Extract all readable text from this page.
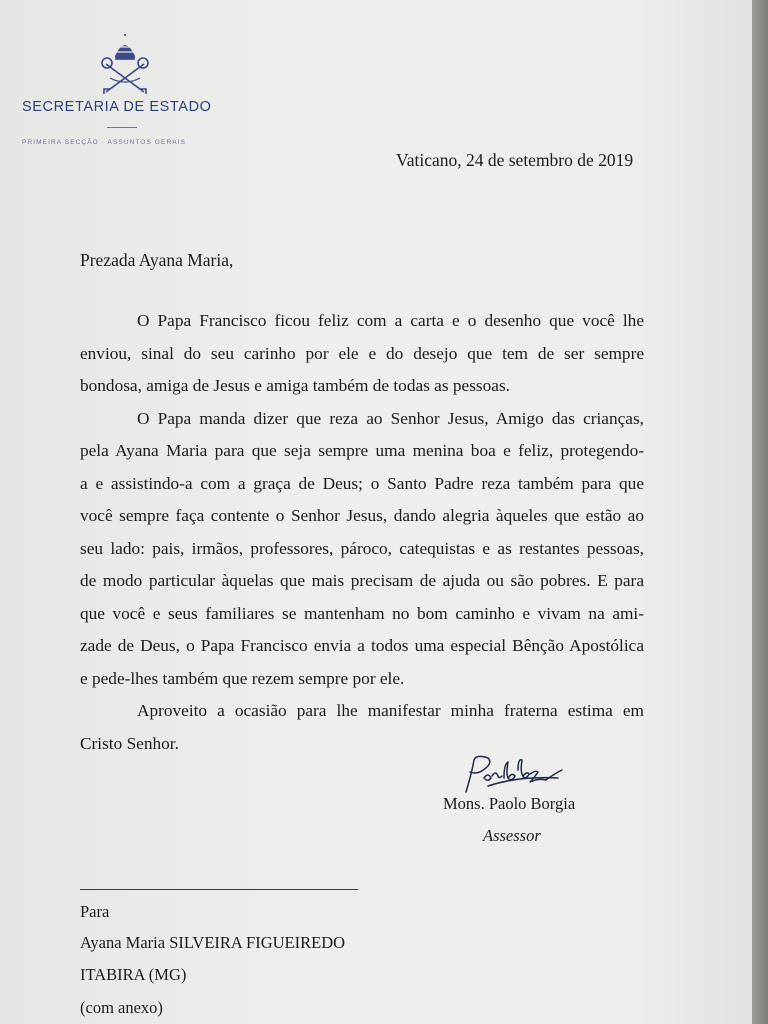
SECRETARIA DE ESTADO
PRIMEIRA SECÇÃO · ASSUNTOS GERAIS
Vaticano, 24 de setembro de 2019
Prezada Ayana Maria,
O Papa Francisco ficou feliz com a carta e o desenho que você lhe
enviou, sinal do seu carinho por ele e do desejo que tem de ser sempre
bondosa, amiga de Jesus e amiga também de todas as pessoas.
O Papa manda dizer que reza ao Senhor Jesus, Amigo das crianças,
pela Ayana Maria para que seja sempre uma menina boa e feliz, protegendo-
a e assistindo-a com a graça de Deus; o Santo Padre reza também para que
você sempre faça contente o Senhor Jesus, dando alegria àqueles que estão ao
seu lado: pais, irmãos, professores, pároco, catequistas e as restantes pessoas,
de modo particular àquelas que mais precisam de ajuda ou são pobres. E para
que você e seus familiares se mantenham no bom caminho e vivam na ami-
zade de Deus, o Papa Francisco envia a todos uma especial Bênção Apostólica
e pede-lhes também que rezem sempre por ele.
Aproveito a ocasião para lhe manifestar minha fraterna estima em
Cristo Senhor.
Mons. Paolo Borgia
Assessor
Para
Ayana Maria SILVEIRA FIGUEIREDO
ITABIRA (MG)
(com anexo)
